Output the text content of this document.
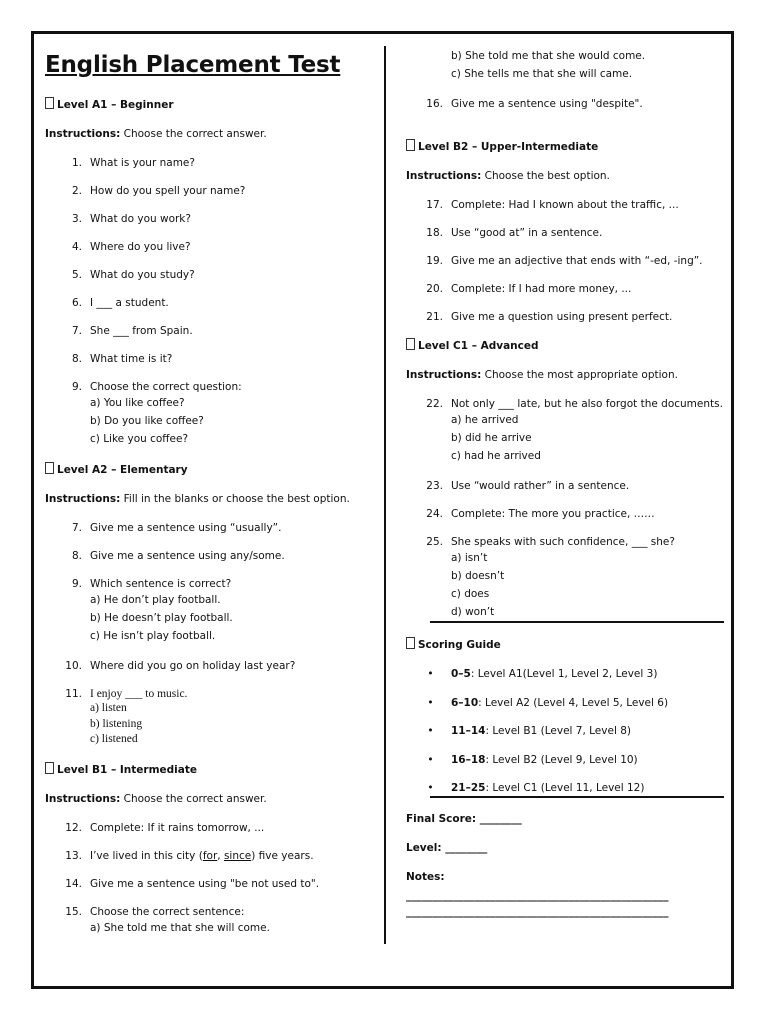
English Placement Test
Level A1 – Beginner
Instructions: Choose the correct answer.
1. What is your name?
2. How do you spell your name?
3. What do you work?
4. Where do you live?
5. What do you study?
6. I ___ a student.
7. She ___ from Spain.
8. What time is it?
9. Choose the correct question:
a) You like coffee?
b) Do you like coffee?
c) Like you coffee?
Level A2 – Elementary
Instructions: Fill in the blanks or choose the best option.
7. Give me a sentence using “usually”.
8. Give me a sentence using any/some.
9. Which sentence is correct?
a) He don’t play football.
b) He doesn’t play football.
c) He isn’t play football.
10. Where did you go on holiday last year?
11. I enjoy ___ to music.
a) listen
b) listening
c) listened
Level B1 – Intermediate
Instructions: Choose the correct answer.
12. Complete: If it rains tomorrow, ...
13. I’ve lived in this city (for, since) five years.
14. Give me a sentence using "be not used to".
15. Choose the correct sentence:
a) She told me that she will come.
b) She told me that she would come.
c) She tells me that she will came.
16. Give me a sentence using "despite".
Level B2 – Upper-Intermediate
Instructions: Choose the best option.
17. Complete: Had I known about the traffic, ...
18. Use “good at” in a sentence.
19. Give me an adjective that ends with “-ed, -ing”.
20. Complete: If I had more money, ...
21. Give me a question using present perfect.
Level C1 – Advanced
Instructions: Choose the most appropriate option.
22. Not only ___ late, but he also forgot the documents.
a) he arrived
b) did he arrive
c) had he arrived
23. Use “would rather” in a sentence.
24. Complete: The more you practice, ……
25. She speaks with such confidence, ___ she?
a) isn’t
b) doesn’t
c) does
d) won’t
Scoring Guide
•	0–5: Level A1(Level 1, Level 2, Level 3)
•	6–10: Level A2 (Level 4, Level 5, Level 6)
•	11–14: Level B1 (Level 7, Level 8)
•	16–18: Level B2 (Level 9, Level 10)
•	21–25: Level C1 (Level 11, Level 12)
Final Score: ________
Level: ________
Notes:
__________________________________________________
__________________________________________________
